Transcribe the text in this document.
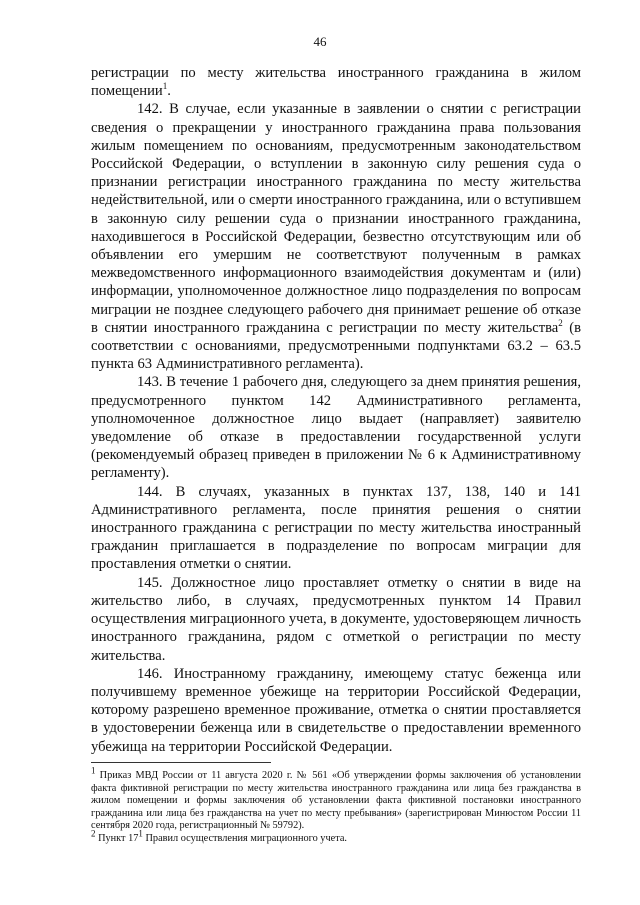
46

регистрации по месту жительства иностранного гражданина в жилом помещении$^1$.

142. В случае, если указанные в заявлении о снятии с регистрации сведения о прекращении у иностранного гражданина права пользования жилым помещением по основаниям, предусмотренным законодательством Российской Федерации, о вступлении в законную силу решения суда о признании регистрации иностранного гражданина по месту жительства недействительной, или о смерти иностранного гражданина, или о вступившем в законную силу решении суда о признании иностранного гражданина, находившегося в Российской Федерации, безвестно отсутствующим или об объявлении его умершим не соответствуют полученным в рамках межведомственного информационного взаимодействия документам и (или) информации, уполномоченное должностное лицо подразделения по вопросам миграции не позднее следующего рабочего дня принимает решение об отказе в снятии иностранного гражданина с регистрации по месту жительства$^2$ (в соответствии с основаниями, предусмотренными подпунктами 63.2 – 63.5 пункта 63 Административного регламента).

143. В течение 1 рабочего дня, следующего за днем принятия решения, предусмотренного пунктом 142 Административного регламента, уполномоченное должностное лицо выдает (направляет) заявителю уведомление об отказе в предоставлении государственной услуги (рекомендуемый образец приведен в приложении № 6 к Административному регламенту).

144. В случаях, указанных в пунктах 137, 138, 140 и 141 Административного регламента, после принятия решения о снятии иностранного гражданина с регистрации по месту жительства иностранный гражданин приглашается в подразделение по вопросам миграции для проставления отметки о снятии.

145. Должностное лицо проставляет отметку о снятии в виде на жительство либо, в случаях, предусмотренных пунктом 14 Правил осуществления миграционного учета, в документе, удостоверяющем личность иностранного гражданина, рядом с отметкой о регистрации по месту жительства.

146. Иностранному гражданину, имеющему статус беженца или получившему временное убежище на территории Российской Федерации, которому разрешено временное проживание, отметка о снятии проставляется в удостоверении беженца или в свидетельстве о предоставлении временного убежища на территории Российской Федерации.

$^1$ Приказ МВД России от 11 августа 2020 г. № 561 «Об утверждении формы заключения об установлении факта фиктивной регистрации по месту жительства иностранного гражданина или лица без гражданства в жилом помещении и формы заключения об установлении факта фиктивной постановки иностранного гражданина или лица без гражданства на учет по месту пребывания» (зарегистрирован Минюстом России 11 сентября 2020 года, регистрационный № 59792).

$^2$ Пункт $17^1$ Правил осуществления миграционного учета.
